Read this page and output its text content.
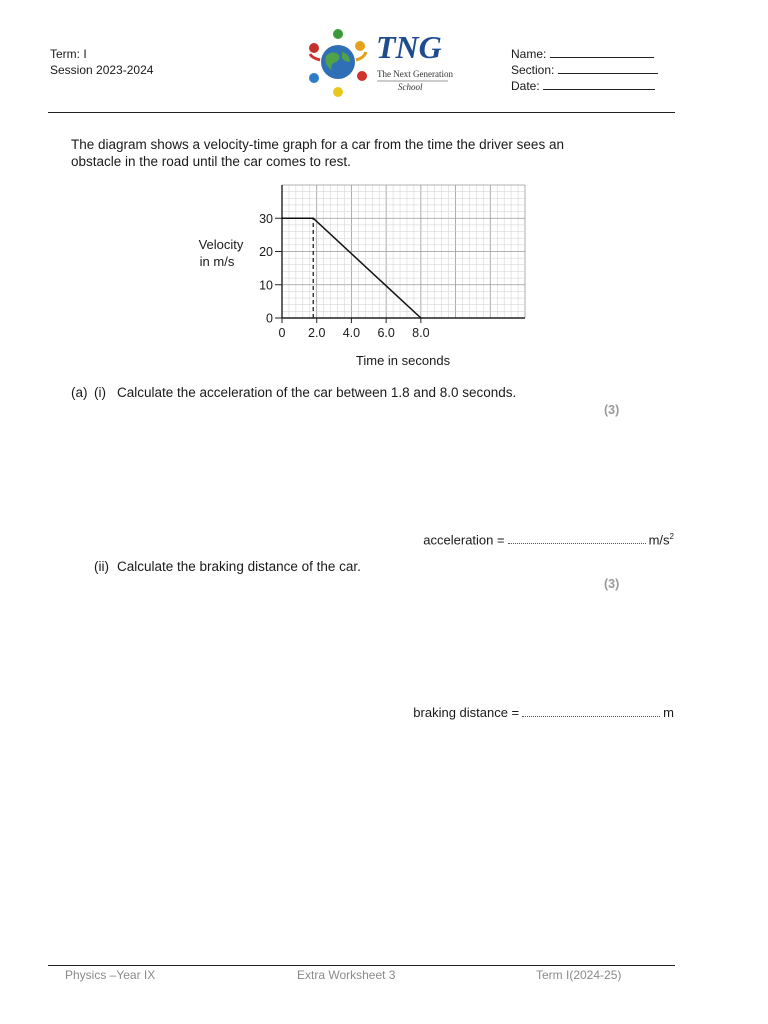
Term: I
Session 2023-2024
TNG
The Next Generation
School
Name:
Section:
Date:
The diagram shows a velocity-time graph for a car from the time the driver sees an
obstacle in the road until the car comes to rest.
0 2.0 4.0 6.0 8.0
0
10
20
30
Velocity
in m/s
Time in seconds
(a) (i) Calculate the acceleration of the car between 1.8 and 8.0 seconds.
(3)
acceleration =	$m/s^2$
(ii) Calculate the braking distance of the car.
(3)
braking distance =	m
Physics –Year IX	Extra Worksheet 3	Term I(2024-25)
